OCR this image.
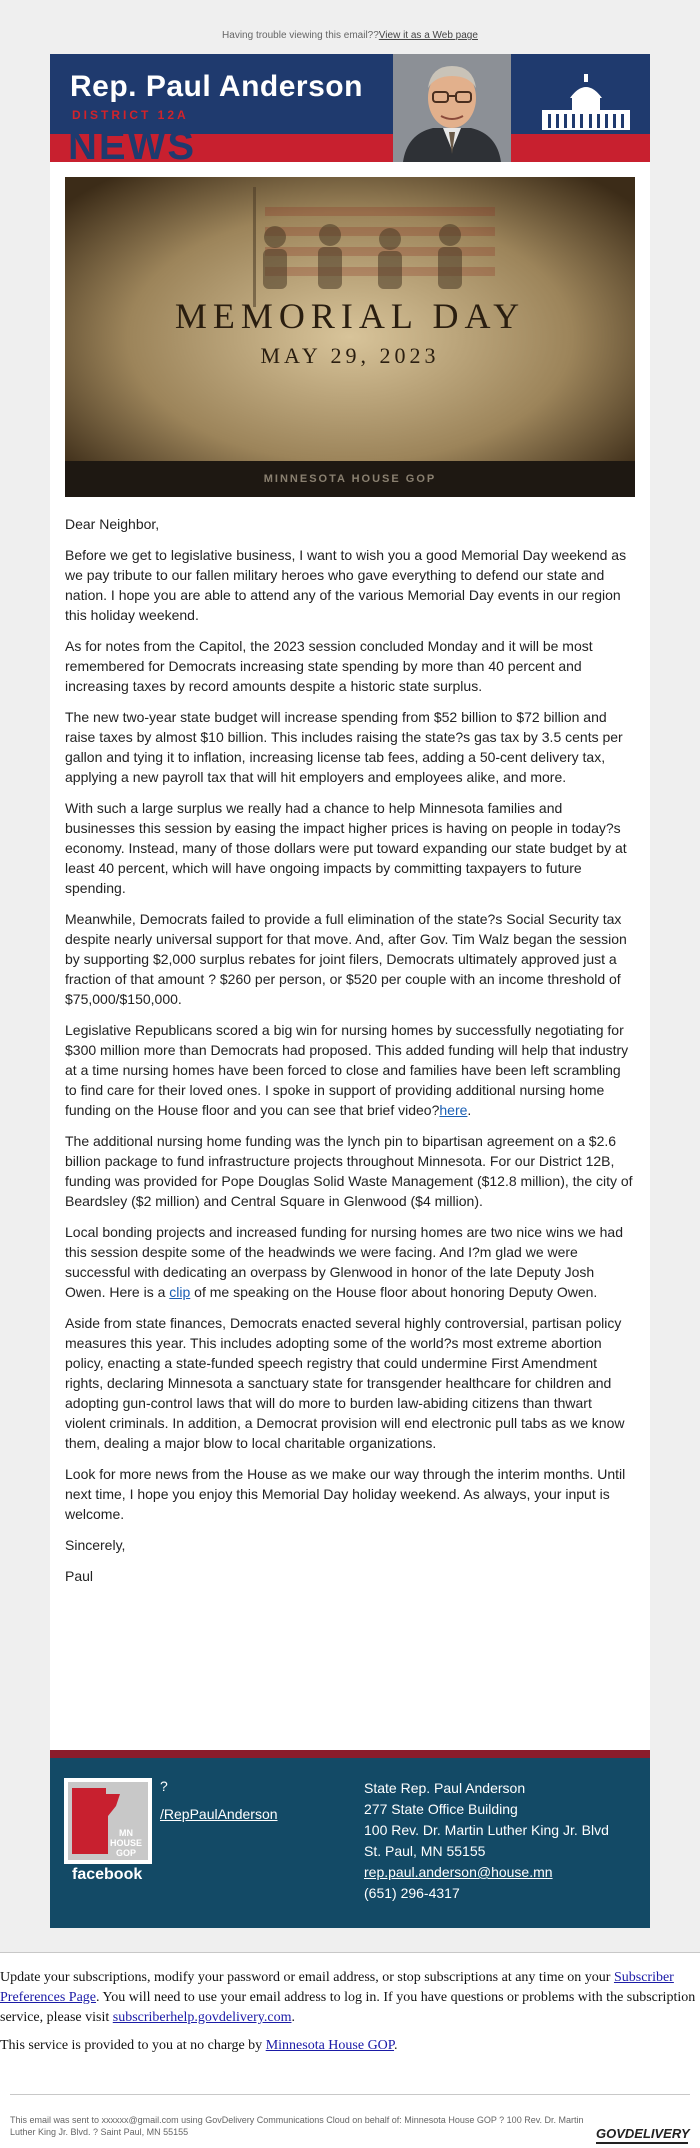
Having trouble viewing this email??View it as a Web page
Rep. Paul Anderson
DISTRICT 12A
NEWS
MEMORIAL DAY
MAY 29, 2023
MINNESOTA HOUSE GOP

Dear Neighbor,

Before we get to legislative business, I want to wish you a good Memorial Day weekend as we pay tribute to our fallen military heroes who gave everything to defend our state and nation. I hope you are able to attend any of the various Memorial Day events in our region this holiday weekend.

As for notes from the Capitol, the 2023 session concluded Monday and it will be most remembered for Democrats increasing state spending by more than 40 percent and increasing taxes by record amounts despite a historic state surplus.

The new two-year state budget will increase spending from $52 billion to $72 billion and raise taxes by almost $10 billion. This includes raising the state?s gas tax by 3.5 cents per gallon and tying it to inflation, increasing license tab fees, adding a 50-cent delivery tax, applying a new payroll tax that will hit employers and employees alike, and more.

With such a large surplus we really had a chance to help Minnesota families and businesses this session by easing the impact higher prices is having on people in today?s economy. Instead, many of those dollars were put toward expanding our state budget by at least 40 percent, which will have ongoing impacts by committing taxpayers to future spending.

Meanwhile, Democrats failed to provide a full elimination of the state?s Social Security tax despite nearly universal support for that move. And, after Gov. Tim Walz began the session by supporting $2,000 surplus rebates for joint filers, Democrats ultimately approved just a fraction of that amount ? $260 per person, or $520 per couple with an income threshold of $75,000/$150,000.

Legislative Republicans scored a big win for nursing homes by successfully negotiating for $300 million more than Democrats had proposed. This added funding will help that industry at a time nursing homes have been forced to close and families have been left scrambling to find care for their loved ones. I spoke in support of providing additional nursing home funding on the House floor and you can see that brief video?here.

The additional nursing home funding was the lynch pin to bipartisan agreement on a $2.6 billion package to fund infrastructure projects throughout Minnesota. For our District 12B, funding was provided for Pope Douglas Solid Waste Management ($12.8 million), the city of Beardsley ($2 million) and Central Square in Glenwood ($4 million).

Local bonding projects and increased funding for nursing homes are two nice wins we had this session despite some of the headwinds we were facing. And I?m glad we were successful with dedicating an overpass by Glenwood in honor of the late Deputy Josh Owen. Here is a clip of me speaking on the House floor about honoring Deputy Owen.

Aside from state finances, Democrats enacted several highly controversial, partisan policy measures this year. This includes adopting some of the world?s most extreme abortion policy, enacting a state-funded speech registry that could undermine First Amendment rights, declaring Minnesota a sanctuary state for transgender healthcare for children and adopting gun-control laws that will do more to burden law-abiding citizens than thwart violent criminals. In addition, a Democrat provision will end electronic pull tabs as we know them, dealing a major blow to local charitable organizations.

Look for more news from the House as we make our way through the interim months. Until next time, I hope you enjoy this Memorial Day holiday weekend. As always, your input is welcome.

Sincerely,

Paul

MN HOUSE GOP
facebook
?
/RepPaulAnderson
State Rep. Paul Anderson
277 State Office Building
100 Rev. Dr. Martin Luther King Jr. Blvd
St. Paul, MN 55155
rep.paul.anderson@house.mn
(651) 296-4317
Update your subscriptions, modify your password or email address, or stop subscriptions at any time on your Subscriber Preferences Page. You will need to use your email address to log in. If you have questions or problems with the subscription service, please visit subscriberhelp.govdelivery.com.
This service is provided to you at no charge by Minnesota House GOP.
This email was sent to xxxxxx@gmail.com using GovDelivery Communications Cloud on behalf of: Minnesota House GOP ? 100 Rev. Dr. Martin Luther King Jr. Blvd. ? Saint Paul, MN 55155	GOVDELIVERY
